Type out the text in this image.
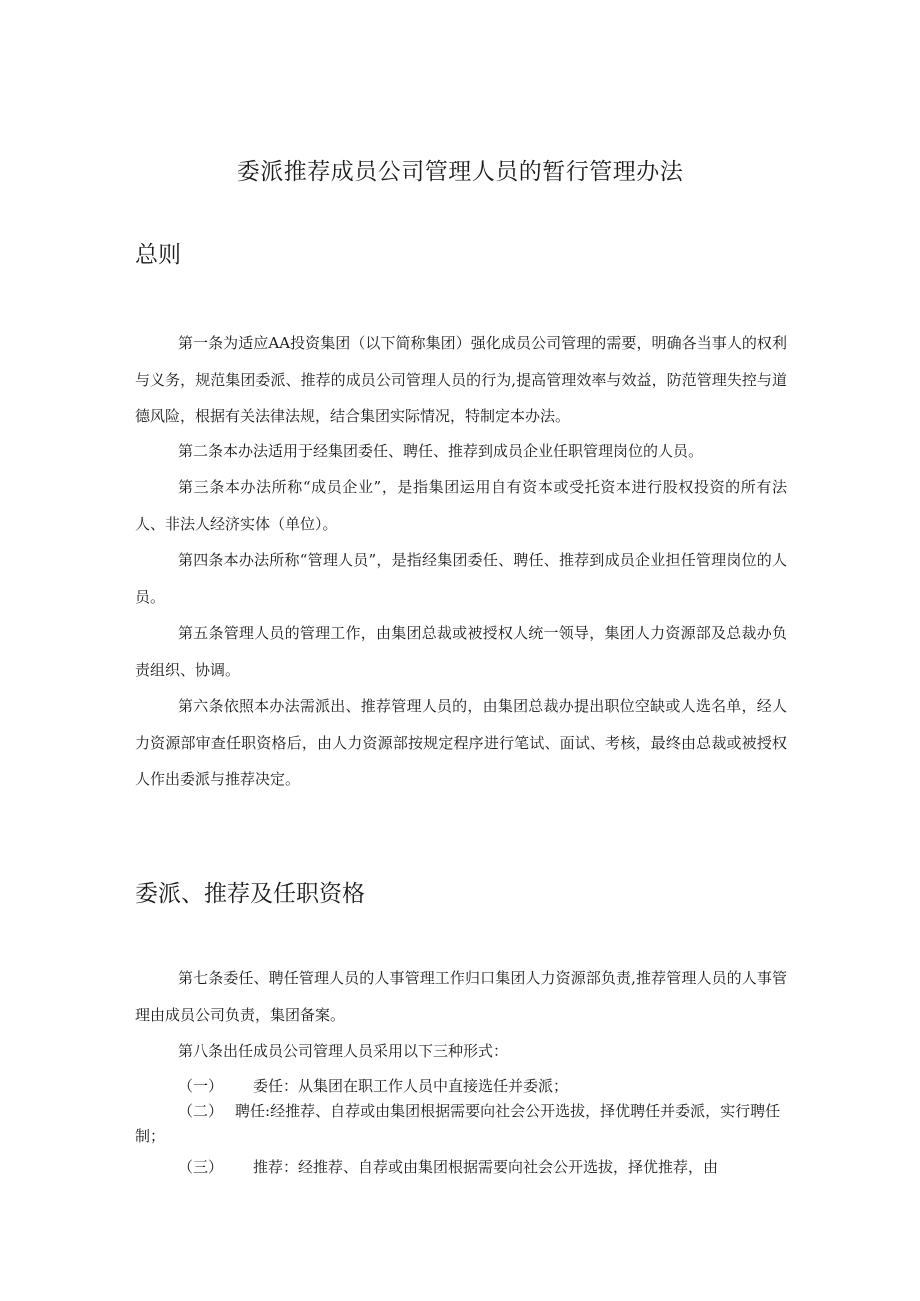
委派推荐成员公司管理人员的暂行管理办法
总则
第一条为适应AA投资集团（以下简称集团）强化成员公司管理的需要，明确各当事人的权利与义务，规范集团委派、推荐的成员公司管理人员的行为,提高管理效率与效益，防范管理失控与道德风险，根据有关法律法规，结合集团实际情况，特制定本办法。
第二条本办法适用于经集团委任、聘任、推荐到成员企业任职管理岗位的人员。
第三条本办法所称“成员企业”，是指集团运用自有资本或受托资本进行股权投资的所有法人、非法人经济实体（单位）。
第四条本办法所称“管理人员”，是指经集团委任、聘任、推荐到成员企业担任管理岗位的人员。
第五条管理人员的管理工作，由集团总裁或被授权人统一领导，集团人力资源部及总裁办负责组织、协调。
第六条依照本办法需派出、推荐管理人员的，由集团总裁办提出职位空缺或人选名单，经人力资源部审查任职资格后，由人力资源部按规定程序进行笔试、面试、考核，最终由总裁或被授权人作出委派与推荐决定。
委派、推荐及任职资格
第七条委任、聘任管理人员的人事管理工作归口集团人力资源部负责,推荐管理人员的人事管理由成员公司负责，集团备案。
第八条出任成员公司管理人员采用以下三种形式：
（一） 委任：从集团在职工作人员中直接选任并委派；
（二） 聘任:经推荐、自荐或由集团根据需要向社会公开选拔，择优聘任并委派，实行聘任制；
（三） 推荐：经推荐、自荐或由集团根据需要向社会公开选拔，择优推荐，由
